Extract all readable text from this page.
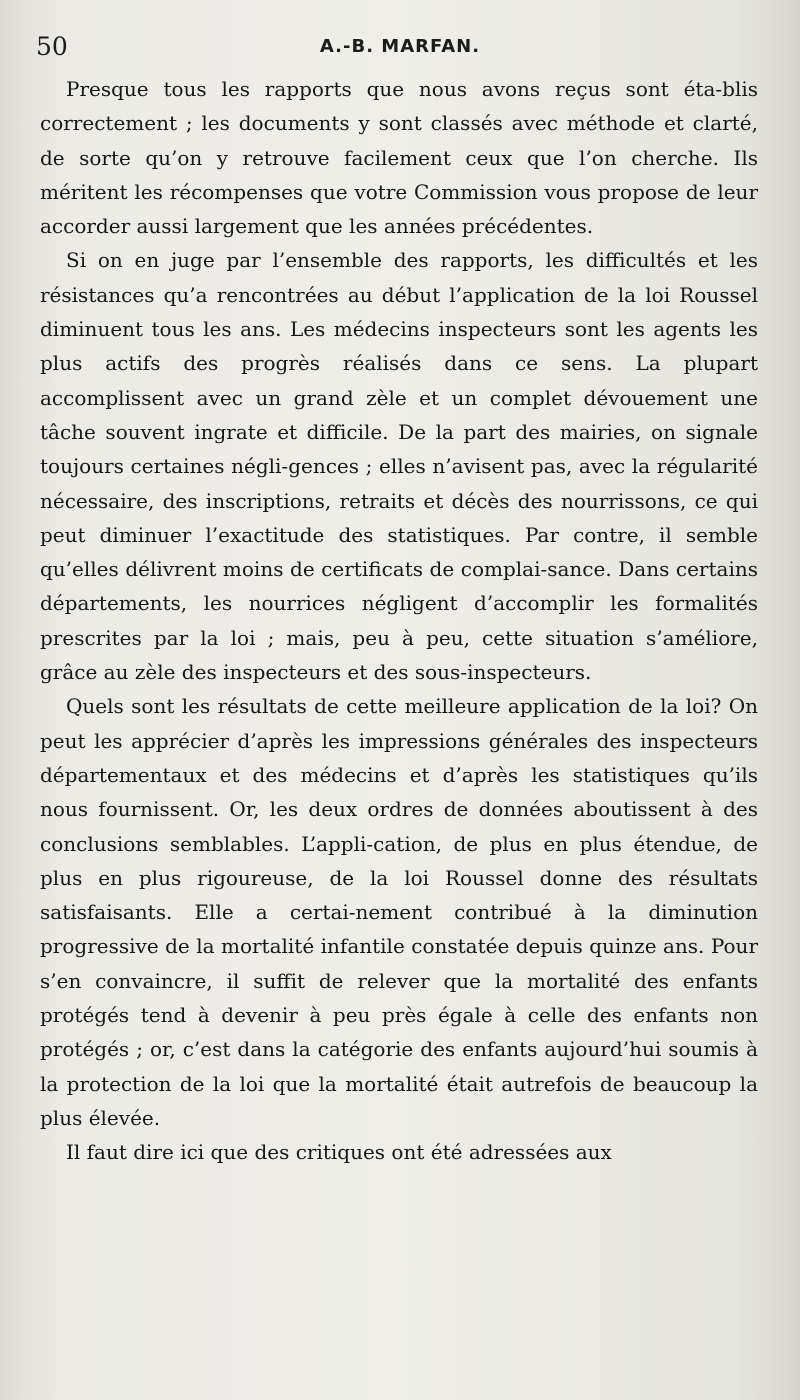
50	A.-B. MARFAN.

Presque tous les rapports que nous avons reçus sont éta-blis correctement ; les documents y sont classés avec méthode et clarté, de sorte qu’on y retrouve facilement ceux que l’on cherche. Ils méritent les récompenses que votre Commission vous propose de leur accorder aussi largement que les années précédentes.

Si on en juge par l’ensemble des rapports, les difficultés et les résistances qu’a rencontrées au début l’application de la loi Roussel diminuent tous les ans. Les médecins inspecteurs sont les agents les plus actifs des progrès réalisés dans ce sens. La plupart accomplissent avec un grand zèle et un complet dévouement une tâche souvent ingrate et difficile. De la part des mairies, on signale toujours certaines négli-gences ; elles n’avisent pas, avec la régularité nécessaire, des inscriptions, retraits et décès des nourrissons, ce qui peut diminuer l’exactitude des statistiques. Par contre, il semble qu’elles délivrent moins de certificats de complai-sance. Dans certains départements, les nourrices négligent d’accomplir les formalités prescrites par la loi ; mais, peu à peu, cette situation s’améliore, grâce au zèle des inspecteurs et des sous-inspecteurs.

Quels sont les résultats de cette meilleure application de la loi? On peut les apprécier d’après les impressions générales des inspecteurs départementaux et des médecins et d’après les statistiques qu’ils nous fournissent. Or, les deux ordres de données aboutissent à des conclusions semblables. L’appli-cation, de plus en plus étendue, de plus en plus rigoureuse, de la loi Roussel donne des résultats satisfaisants. Elle a certai-nement contribué à la diminution progressive de la mortalité infantile constatée depuis quinze ans. Pour s’en convaincre, il suffit de relever que la mortalité des enfants protégés tend à devenir à peu près égale à celle des enfants non protégés ; or, c’est dans la catégorie des enfants aujourd’hui soumis à la protection de la loi que la mortalité était autrefois de beaucoup la plus élevée.

Il faut dire ici que des critiques ont été adressées aux
